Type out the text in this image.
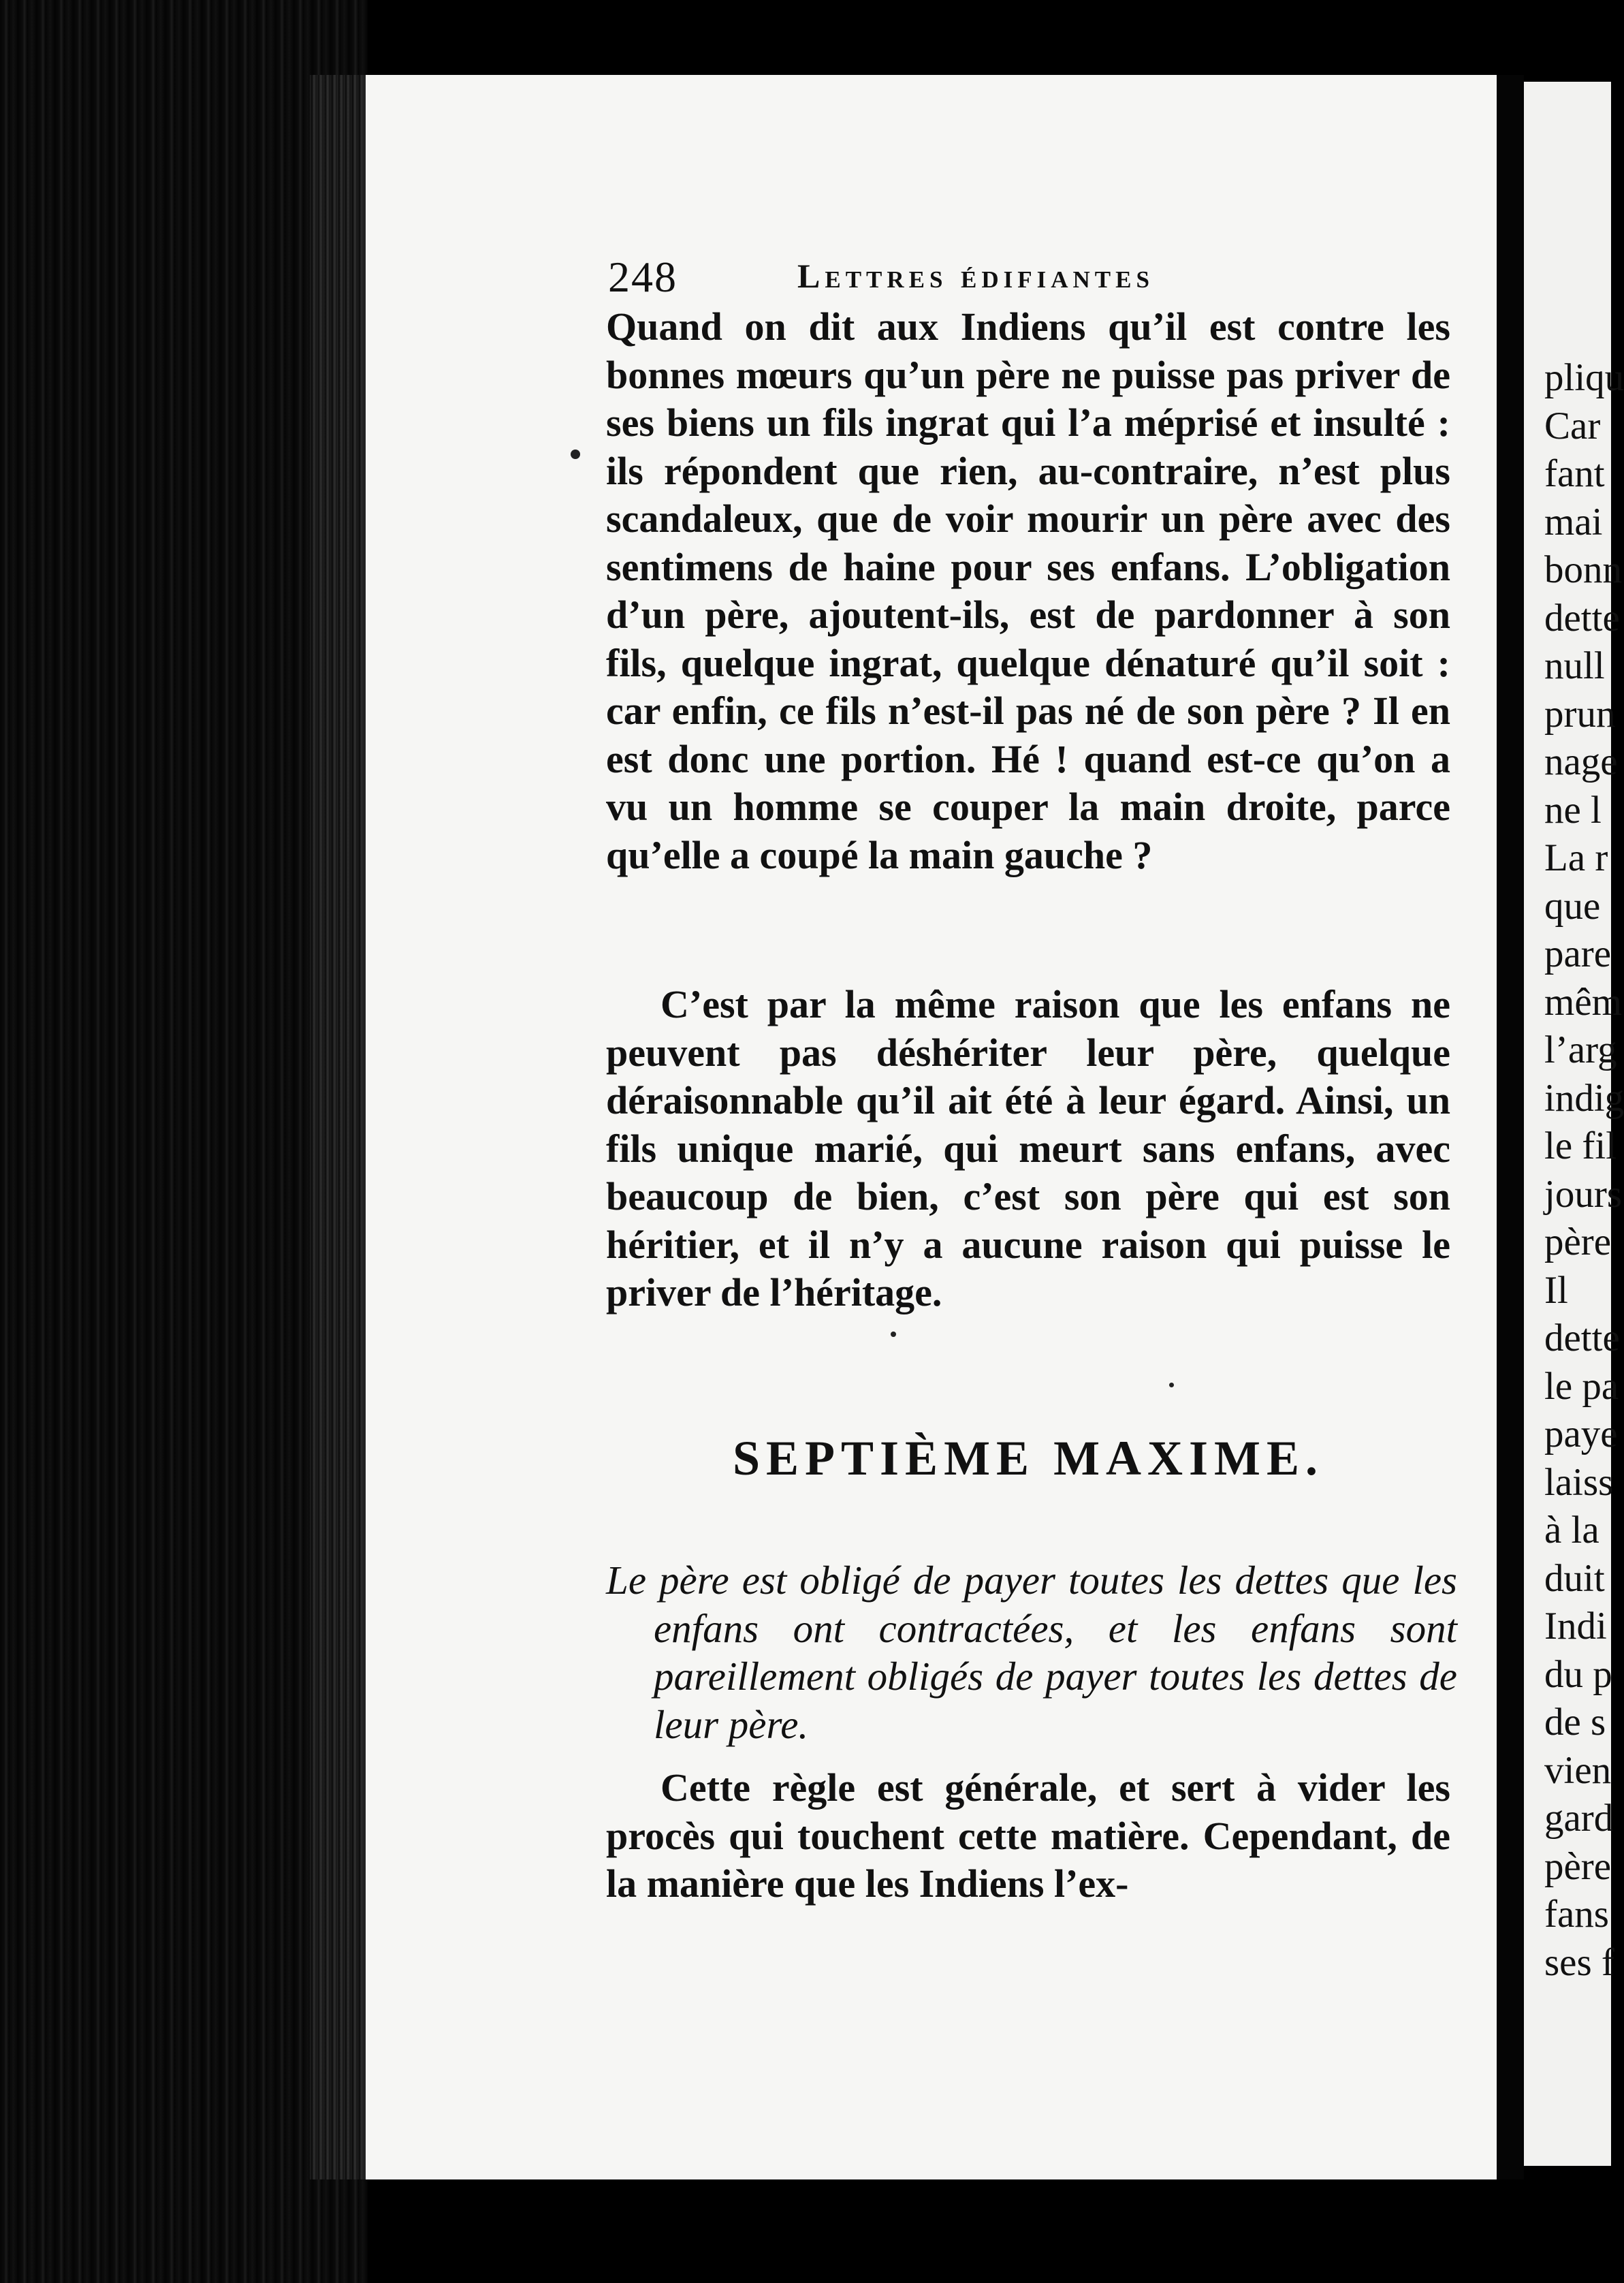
248	Lettres édifiantes

Quand on dit aux Indiens qu’il est contre les bonnes mœurs qu’un père ne puisse pas priver de ses biens un fils ingrat qui l’a méprisé et insulté : ils répondent que rien, au-contraire, n’est plus scandaleux, que de voir mourir un père avec des sentimens de haine pour ses enfans. L’obligation d’un père, ajoutent-ils, est de pardonner à son fils, quelque ingrat, quelque dénaturé qu’il soit : car enfin, ce fils n’est-il pas né de son père ? Il en est donc une portion. Hé ! quand est-ce qu’on a vu un homme se couper la main droite, parce qu’elle a coupé la main gauche ?

C’est par la même raison que les enfans ne peuvent pas déshériter leur père, quelque déraisonnable qu’il ait été à leur égard. Ainsi, un fils unique marié, qui meurt sans enfans, avec beaucoup de bien, c’est son père qui est son héritier, et il n’y a aucune raison qui puisse le priver de l’héritage.

SEPTIÈME MAXIME.
Le père est obligé de payer toutes les dettes que les enfans ont contractées, et les enfans sont pareillement obligés de payer toutes les dettes de leur père.

Cette règle est générale, et sert à vider les procès qui touchent cette matière. Cependant, de la manière que les Indiens l’ex-

pliqu
Car
fant
mai
bonn
dette
null
prun
nage
ne l
La r
que
pare
mêm
l’arg
indig
le fil
jours
père
Il
dette
le pa
paye
laiss
à la
duit
Indi
du p
de s
vien
gard
père
fans
ses f
